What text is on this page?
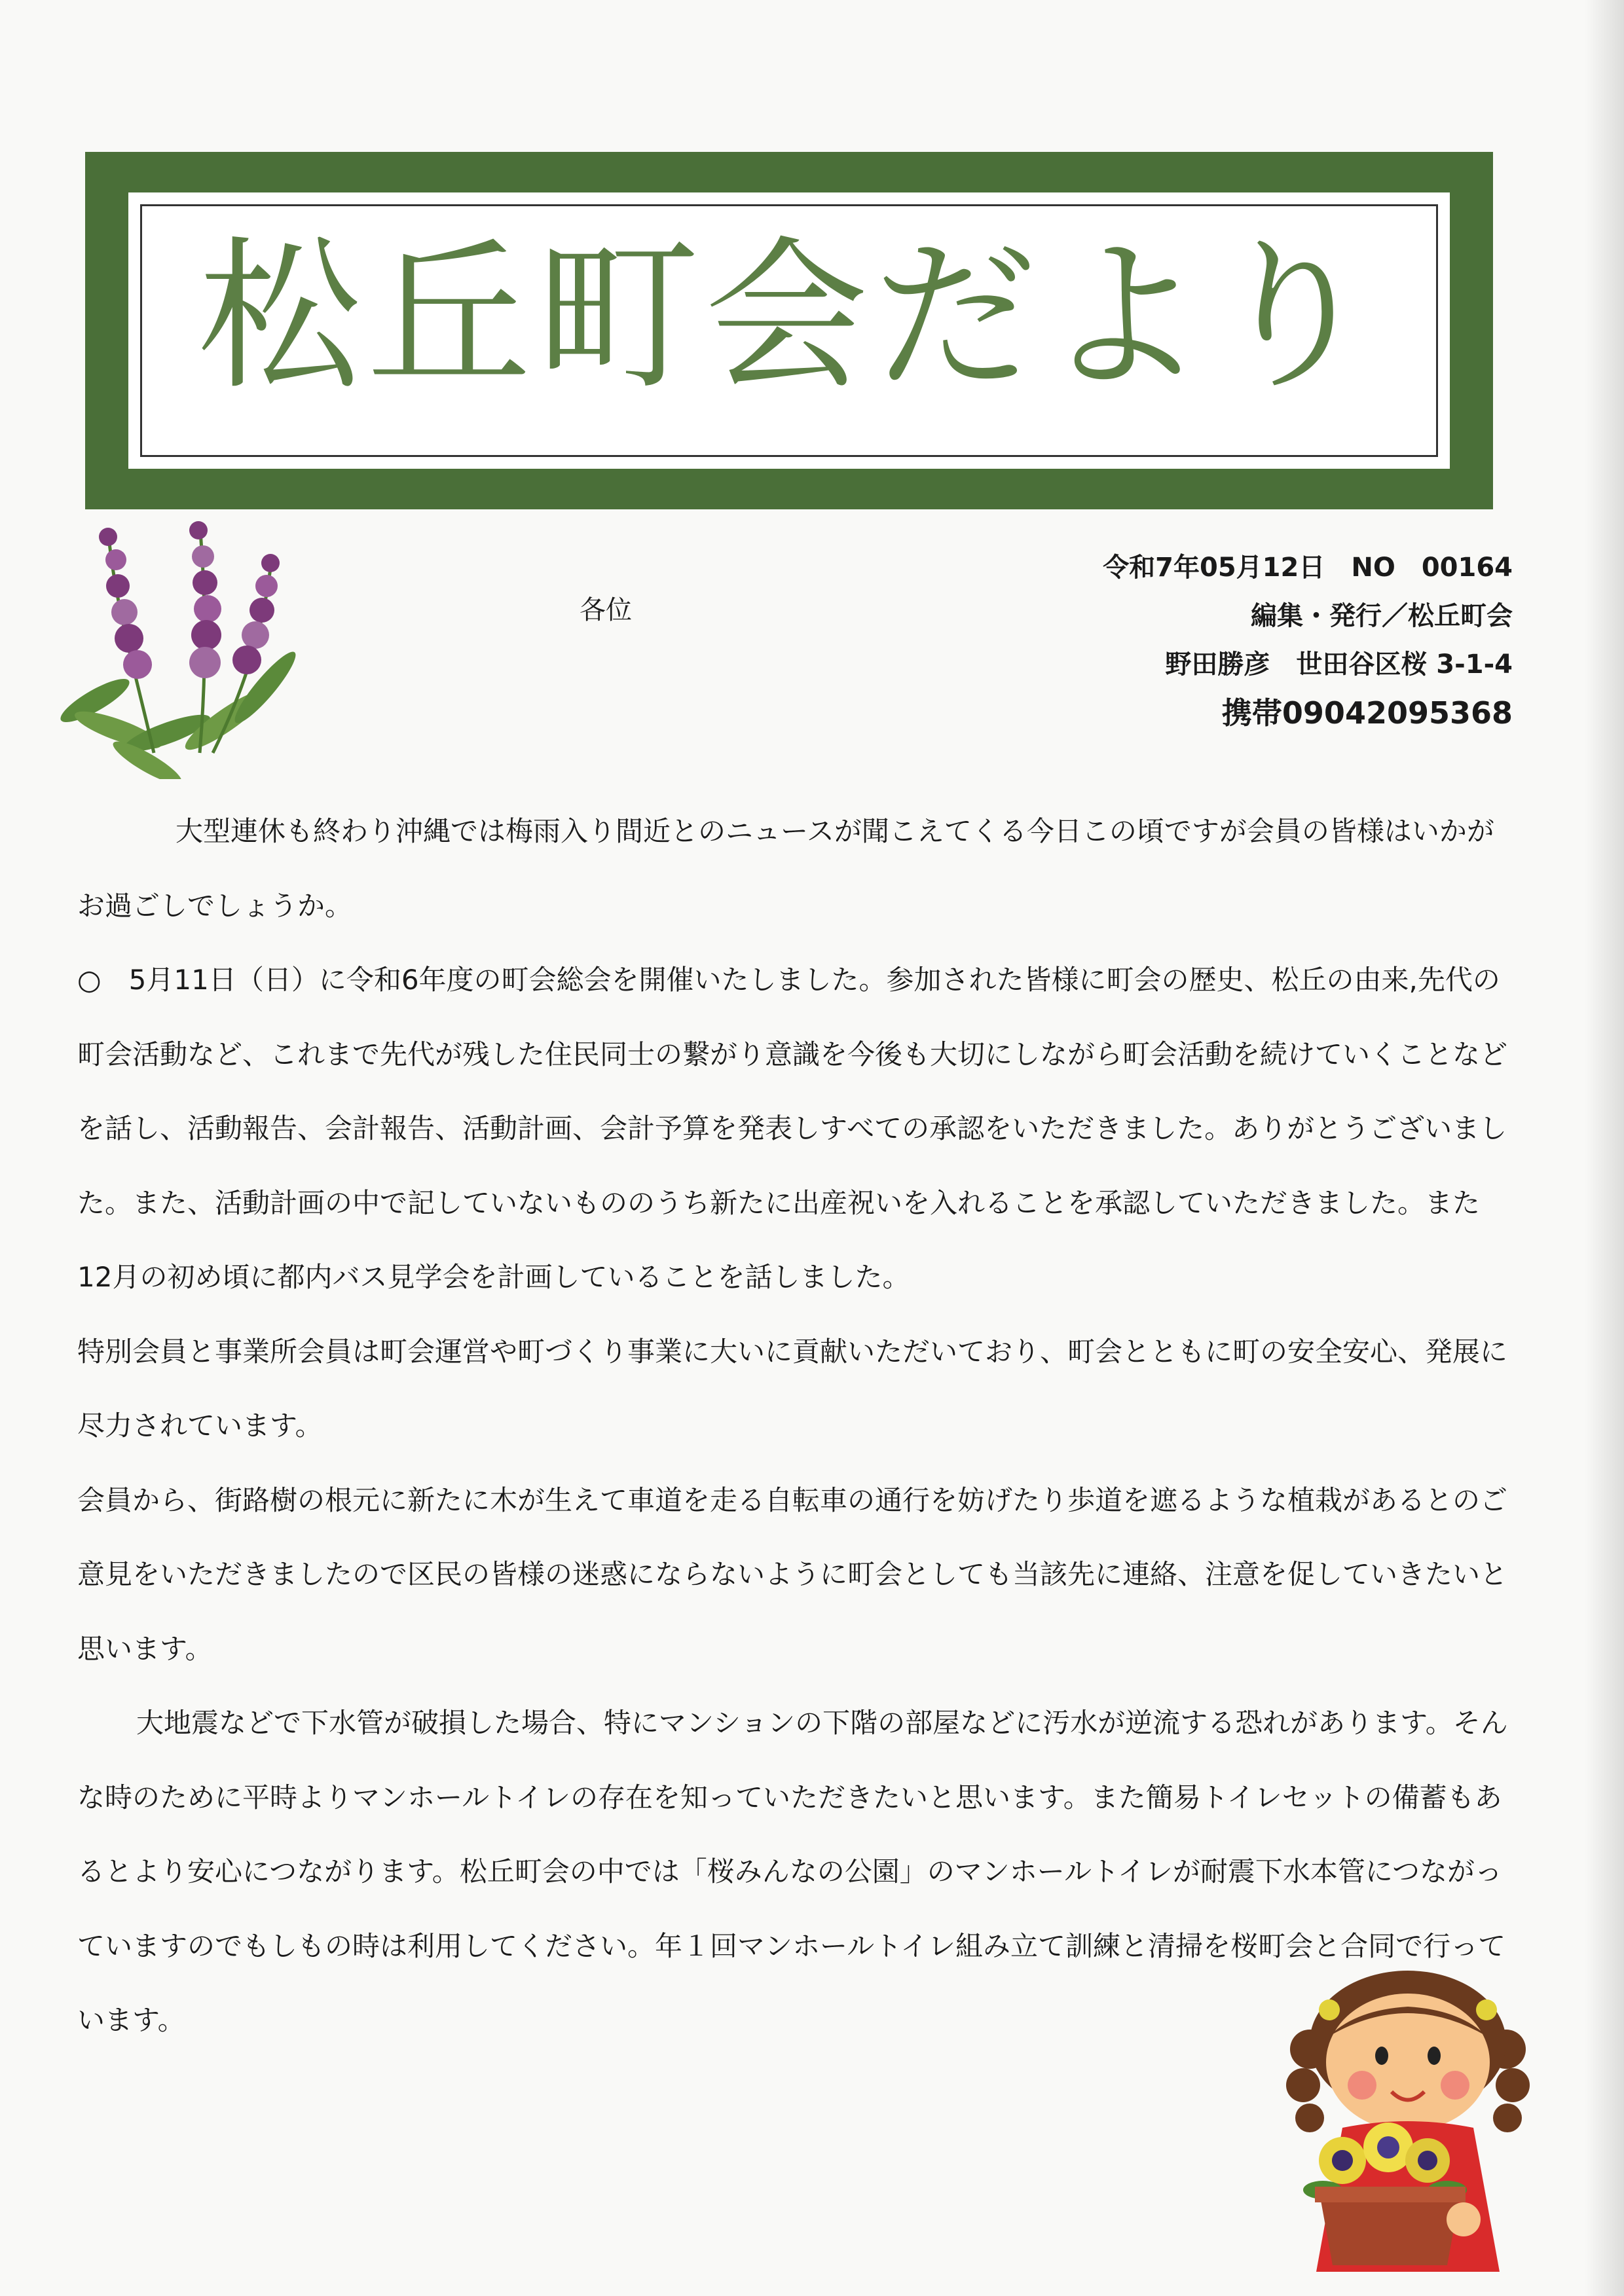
松丘町会だより
各位
令和7年05月12日　NO　00164
編集・発行／松丘町会
野田勝彦　世田谷区桜 3-1-4
携帯09042095368

大型連休も終わり沖縄では梅雨入り間近とのニュースが聞こえてくる今日この頃ですが会員の皆様はいかがお過ごしでしょうか。

○　5月11日（日）に令和6年度の町会総会を開催いたしました。参加された皆様に町会の歴史、松丘の由来,先代の町会活動など、これまで先代が残した住民同士の繋がり意識を今後も大切にしながら町会活動を続けていくことなどを話し、活動報告、会計報告、活動計画、会計予算を発表しすべての承認をいただきました。ありがとうございました。また、活動計画の中で記していないもののうち新たに出産祝いを入れることを承認していただきました。また12月の初め頃に都内バス見学会を計画していることを話しました。

特別会員と事業所会員は町会運営や町づくり事業に大いに貢献いただいており、町会とともに町の安全安心、発展に尽力されています。

会員から、街路樹の根元に新たに木が生えて車道を走る自転車の通行を妨げたり歩道を遮るような植栽があるとのご意見をいただきましたので区民の皆様の迷惑にならないように町会としても当該先に連絡、注意を促していきたいと思います。

大地震などで下水管が破損した場合、特にマンションの下階の部屋などに汚水が逆流する恐れがあります。そんな時のために平時よりマンホールトイレの存在を知っていただきたいと思います。また簡易トイレセットの備蓄もあるとより安心につながります。松丘町会の中では「桜みんなの公園」のマンホールトイレが耐震下水本管につながっていますのでもしもの時は利用してください。年１回マンホールトイレ組み立て訓練と清掃を桜町会と合同で行っています。
